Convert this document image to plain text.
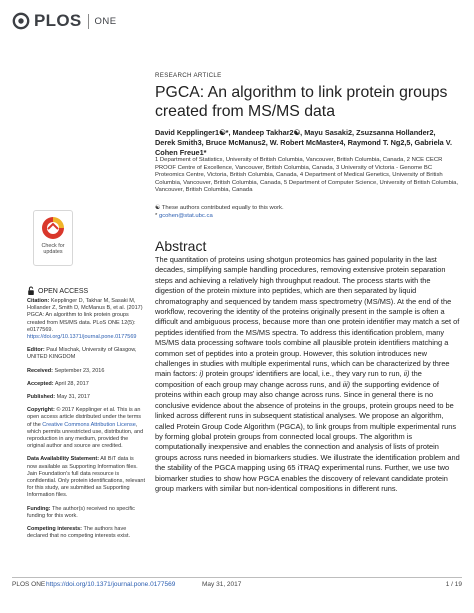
PLOS ONE
RESEARCH ARTICLE
PGCA: An algorithm to link protein groups created from MS/MS data
David Kepplinger1☯*, Mandeep Takhar2☯, Mayu Sasaki2, Zsuzsanna Hollander2, Derek Smith3, Bruce McManus2, W. Robert McMaster4, Raymond T. Ng2,5, Gabriela V. Cohen Freue1*
1 Department of Statistics, University of British Columbia, Vancouver, British Columbia, Canada, 2 NCE CECR PROOF Centre of Excellence, Vancouver, British Columbia, Canada, 3 University of Victoria - Genome BC Proteomics Centre, Victoria, British Columbia, Canada, 4 Department of Medical Genetics, University of British Columbia, Vancouver, British Columbia, Canada, 5 Department of Computer Science, University of British Columbia, Vancouver, British Columbia, Canada
☯ These authors contributed equally to this work.
* gcohen@stat.ubc.ca
Abstract
The quantitation of proteins using shotgun proteomics has gained popularity in the last decades, simplifying sample handling procedures, removing extensive protein separation steps and achieving a relatively high throughput readout. The process starts with the digestion of the protein mixture into peptides, which are then separated by liquid chromatography and sequenced by tandem mass spectrometry (MS/MS). At the end of the workflow, recovering the identity of the proteins originally present in the sample is often a difficult and ambiguous process, because more than one protein identifier may match a set of peptides identified from the MS/MS spectra. To address this identification problem, many MS/MS data processing software tools combine all plausible protein identifiers matching a common set of peptides into a protein group. However, this solution introduces new challenges in studies with multiple experimental runs, which can be characterized by three main factors: i) protein groups' identifiers are local, i.e., they vary run to run, ii) the composition of each group may change across runs, and iii) the supporting evidence of proteins within each group may also change across runs. Since in general there is no conclusive evidence about the absence of proteins in the groups, protein groups need to be linked across different runs in subsequent statistical analyses. We propose an algorithm, called Protein Group Code Algorithm (PGCA), to link groups from multiple experimental runs by forming global protein groups from connected local groups. The algorithm is computationally inexpensive and enables the connection and analysis of lists of protein groups across runs needed in biomarkers studies. We illustrate the identification problem and the stability of the PGCA mapping using 65 iTRAQ experimental runs. Further, we use two biomarker studies to show how PGCA enables the discovery of relevant candidate protein group markers with similar but non-identical compositions in different runs.
Check for updates
OPEN ACCESS
Citation: Kepplinger D, Takhar M, Sasaki M, Hollander Z, Smith D, McManus B, et al. (2017) PGCA: An algorithm to link protein groups created from MS/MS data. PLoS ONE 12(5): e0177569. https://doi.org/10.1371/journal.pone.0177569
Editor: Paul Mischak, University of Glasgow, UNITED KINGDOM
Received: September 23, 2016
Accepted: April 28, 2017
Published: May 31, 2017
Copyright: © 2017 Kepplinger et al. This is an open access article distributed under the terms of the Creative Commons Attribution License, which permits unrestricted use, distribution, and reproduction in any medium, provided the original author and source are credited.
Data Availability Statement: All BiT data is now available as Supporting Information files. Jain Foundation's full data resource is confidential. Only protein identifications, relevant for this study, are submitted as Supporting Information files.
Funding: The author(s) received no specific funding for this work.
Competing interests: The authors have declared that no competing interests exist.
PLOS ONE https://doi.org/10.1371/journal.pone.0177569	May 31, 2017	1 / 19
